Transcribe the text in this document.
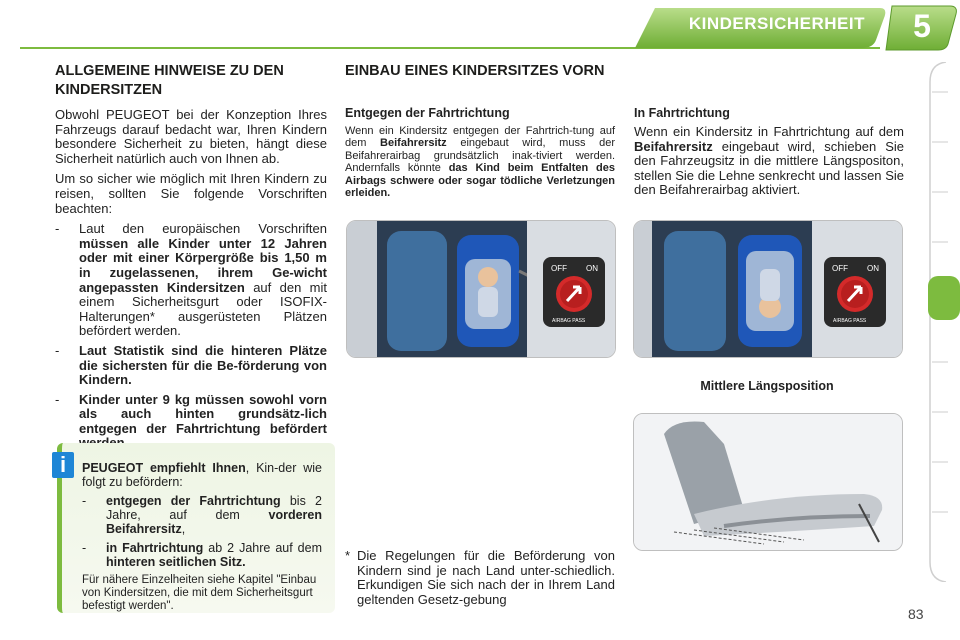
KINDERSICHERHEIT 5
ALLGEMEINE HINWEISE ZU DEN KINDERSITZEN

Obwohl PEUGEOT bei der Konzeption Ihres Fahrzeugs darauf bedacht war, Ihren Kindern besondere Sicherheit zu bieten, hängt diese Sicherheit natürlich auch von Ihnen ab.

Um so sicher wie möglich mit Ihren Kindern zu reisen, sollten Sie folgende Vorschriften beachten:

- Laut den europäischen Vorschriften müssen alle Kinder unter 12 Jahren oder mit einer Körpergröße bis 1,50 m in zugelassenen, ihrem Ge-wicht angepassten Kindersitzen auf den mit einem Sicherheitsgurt oder ISOFIX-Halterungen* ausgerüsteten Plätzen befördert werden.
- Laut Statistik sind die hinteren Plätze die sichersten für die Be-förderung von Kindern.
- Kinder unter 9 kg müssen sowohl vorn als auch hinten grundsätz-lich entgegen der Fahrtrichtung befördert
i	PEUGEOT empfiehlt Ihnen, Kin-der wie folgt zu befördern:

- entgegen der Fahrtrichtung bis 2 Jahre, auf dem vorderen Beifahrersitz,
- in Fahrtrichtung ab 2 Jahre auf dem hinteren seitlichen Sitz.

Für nähere Einzelheiten siehe Kapitel "Einbau von Kindersitzen, die mit dem Sicherheitsgurt befestigt werden".

EINBAU EINES KINDERSITZES VORN
Entgegen der Fahrtrichtung
Wenn ein Kindersitz entgegen der Fahrtrich-tung auf dem Beifahrersitz eingebaut wird, muss der Beifahrerairbag grundsätzlich inak-tiviert werden. Andernfalls könnte das Kind beim Entfalten des Airbags schwere oder sogar tödliche Verletzungen erleiden.
In Fahrtrichtung
Wenn ein Kindersitz in Fahrtrichtung auf dem Beifahrersitz eingebaut wird, schieben Sie den Fahrzeugsitz in die mittlere Längspositon, stellen Sie die Lehne senkrecht und lassen Sie den Beifahrerairbag aktiviert.
OFF ON
AIRBAG PASS
OFF ON
AIRBAG PASS
Mittlere Längsposition
* Die Regelungen für die Beförderung von Kindern sind je nach Land unter-schiedlich. Erkundigen Sie sich nach der in Ihrem Land geltenden Gesetz-gebung
83
